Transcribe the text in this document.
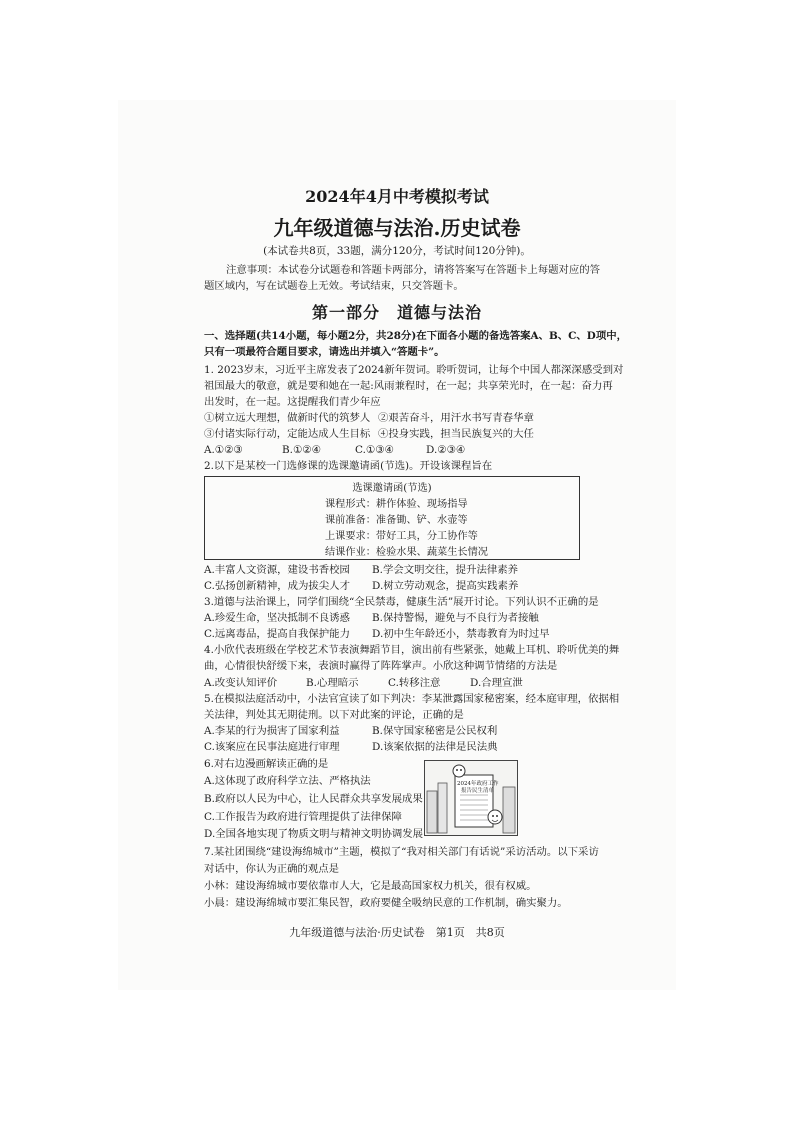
2024年4月中考模拟考试
九年级道德与法治.历史试卷
(本试卷共8页，33题，满分120分，考试时间120分钟)。
注意事项：本试卷分试题卷和答题卡两部分，请将答案写在答题卡上每题对应的答
题区域内，写在试题卷上无效。考试结束，只交答题卡。
第一部分　道德与法治
一、选择题(共14小题，每小题2分，共28分)在下面各小题的备选答案A、B、C、D项中，
只有一项最符合题目要求，请选出并填入“答题卡”。
1. 2023岁末，习近平主席发表了2024新年贺词。聆听贺词，让每个中国人都深深感受到对
祖国最大的敬意，就是要和她在一起:风雨兼程时，在一起；共享荣光时，在一起：奋力再
出发时，在一起。这提醒我们青少年应
①树立远大理想，做新时代的筑梦人 ②艰苦奋斗，用汗水书写青春华章
③付诸实际行动，定能达成人生目标 ④投身实践，担当民族复兴的大任
A.①②③	B.①②④	C.①③④	D.②③④
2.以下是某校一门选修课的选课邀请函(节选)。开设该课程旨在
选课邀请函(节选)
课程形式：耕作体验、现场指导
课前准备：准备锄、铲、水壶等
上课要求：带好工具，分工协作等
结课作业：检验水果、蔬菜生长情况
A.丰富人文资源，建设书香校园 B.学会文明交往，提升法律素养
C.弘扬创新精神，成为拔尖人才 D.树立劳动观念，提高实践素养
3.道德与法治课上，同学们围绕“全民禁毒，健康生活”展开讨论。下列认识不正确的是
A.珍爱生命，坚决抵制不良诱惑 B.保持警惕，避免与不良行为者接触
C.远离毒品，提高自我保护能力 D.初中生年龄还小，禁毒教育为时过早
4.小欣代表班级在学校艺术节表演舞蹈节目，演出前有些紧张，她戴上耳机、聆听优美的舞
曲，心情很快舒缓下来，表演时赢得了阵阵掌声。小欣这种调节情绪的方法是
A.改变认知评价	B.心理暗示	C.转移注意	D.合理宣泄
5.在模拟法庭活动中，小法官宣读了如下判决：李某泄露国家秘密案，经本庭审理，依据相
关法律，判处其无期徒刑。以下对此案的评论，正确的是
A.李某的行为损害了国家利益	B.保守国家秘密是公民权利
C.该案应在民事法庭进行审理	D.该案依据的法律是民法典
6.对右边漫画解读正确的是
A.这体现了政府科学立法、严格执法
B.政府以人民为中心，让人民群众共享发展成果
C.工作报告为政府进行管理提供了法律保障
D.全国各地实现了物质文明与精神文明协调发展
2024年政府工作
报告民生清单
7.某社团围绕“建设海绵城市”主题，模拟了“我对相关部门有话说”采访活动。以下采访
对话中，你认为正确的观点是
小林：建设海绵城市要依靠市人大，它是最高国家权力机关，很有权威。
小晨：建设海绵城市要汇集民智，政府要健全吸纳民意的工作机制，确实聚力。
九年级道德与法治·历史试卷　第1页　共8页
